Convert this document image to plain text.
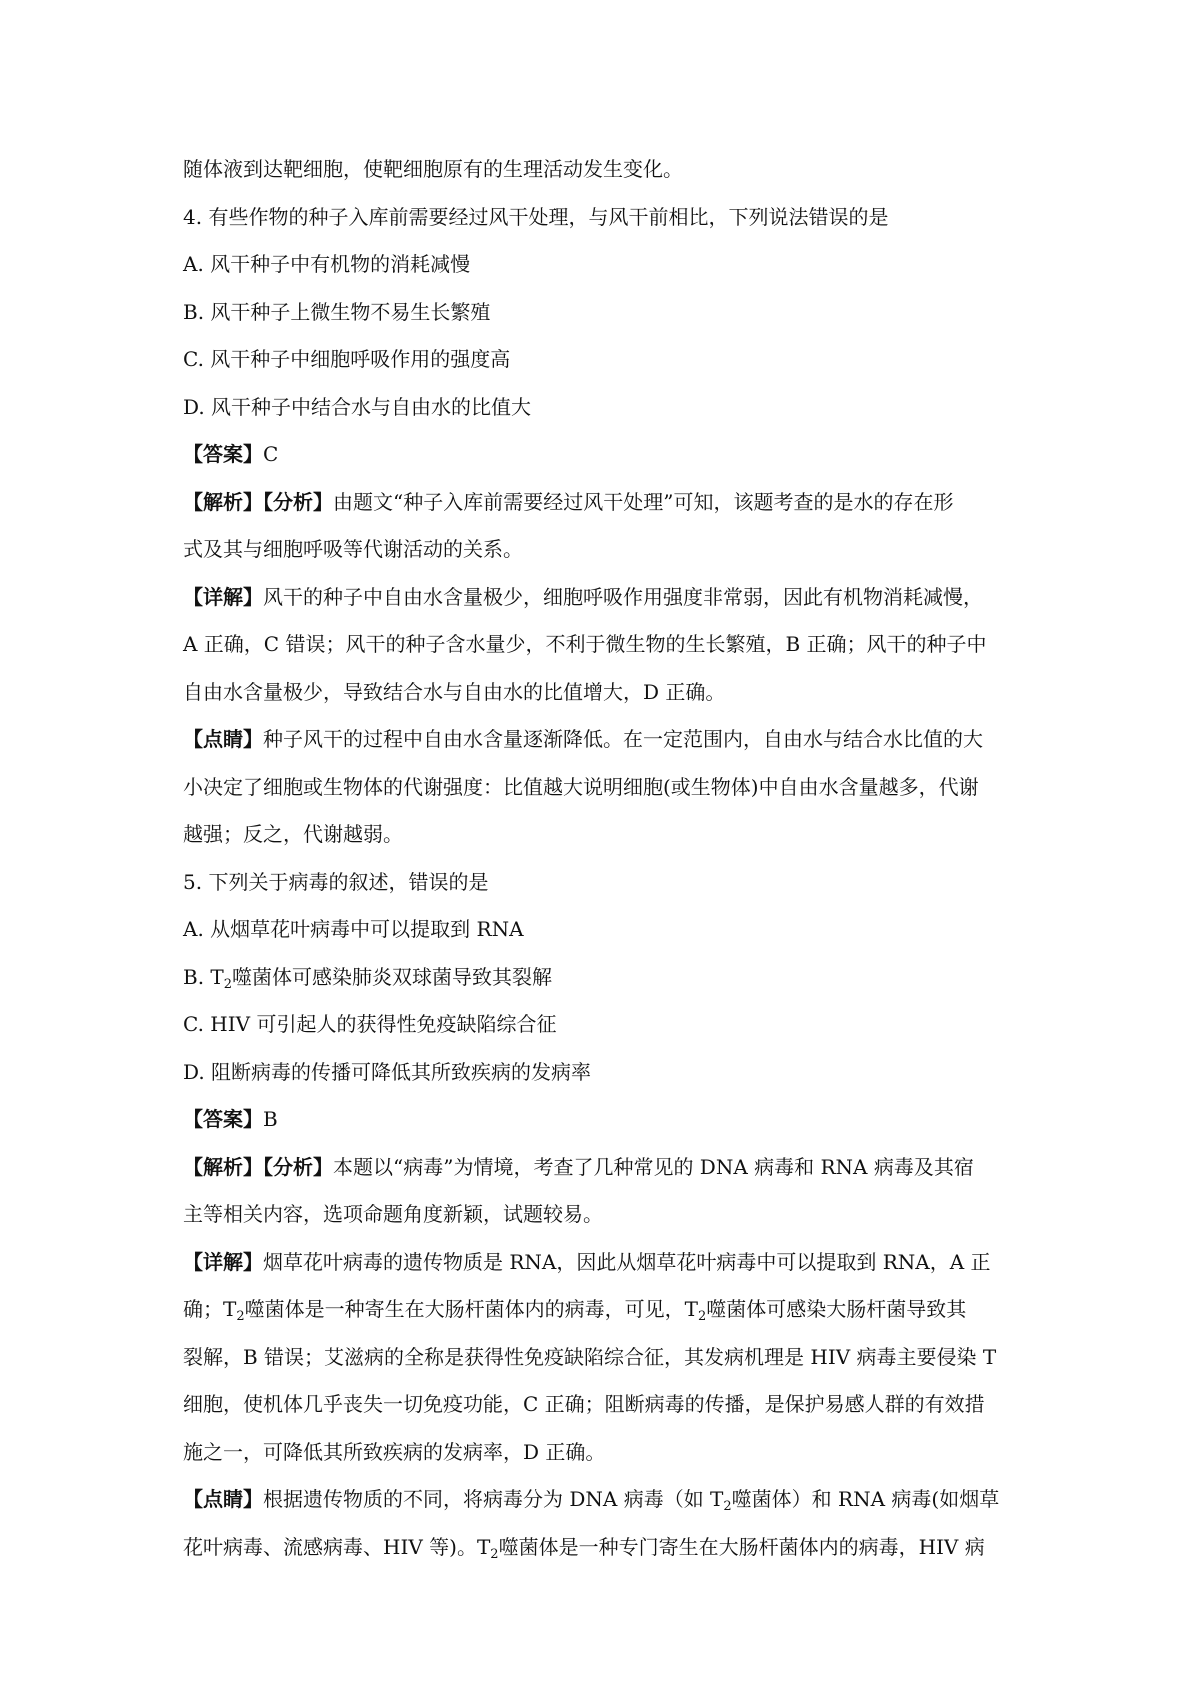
随体液到达靶细胞，使靶细胞原有的生理活动发生变化。
4. 有些作物的种子入库前需要经过风干处理，与风干前相比，下列说法错误的是
A. 风干种子中有机物的消耗减慢
B. 风干种子上微生物不易生长繁殖
C. 风干种子中细胞呼吸作用的强度高
D. 风干种子中结合水与自由水的比值大
【答案】C
【解析】【分析】由题文“种子入库前需要经过风干处理”可知，该题考查的是水的存在形
式及其与细胞呼吸等代谢活动的关系。
【详解】风干的种子中自由水含量极少，细胞呼吸作用强度非常弱，因此有机物消耗减慢，
A 正确，C 错误；风干的种子含水量少，不利于微生物的生长繁殖，B 正确；风干的种子中
自由水含量极少，导致结合水与自由水的比值增大，D 正确。
【点睛】种子风干的过程中自由水含量逐渐降低。在一定范围内，自由水与结合水比值的大
小决定了细胞或生物体的代谢强度：比值越大说明细胞(或生物体)中自由水含量越多，代谢
越强；反之，代谢越弱。
5. 下列关于病毒的叙述，错误的是
A. 从烟草花叶病毒中可以提取到 RNA
B. $T_2$噬菌体可感染肺炎双球菌导致其裂解
C. HIV 可引起人的获得性免疫缺陷综合征
D. 阻断病毒的传播可降低其所致疾病的发病率
【答案】B
【解析】【分析】本题以“病毒”为情境，考查了几种常见的 DNA 病毒和 RNA 病毒及其宿
主等相关内容，选项命题角度新颖，试题较易。
【详解】烟草花叶病毒的遗传物质是 RNA，因此从烟草花叶病毒中可以提取到 RNA，A 正
确；$T_2$噬菌体是一种寄生在大肠杆菌体内的病毒，可见，$T_2$噬菌体可感染大肠杆菌导致其
裂解，B 错误；艾滋病的全称是获得性免疫缺陷综合征，其发病机理是 HIV 病毒主要侵染 T
细胞，使机体几乎丧失一切免疫功能，C 正确；阻断病毒的传播，是保护易感人群的有效措
施之一，可降低其所致疾病的发病率，D 正确。
【点睛】根据遗传物质的不同，将病毒分为 DNA 病毒（如 $T_2$噬菌体）和 RNA 病毒(如烟草
花叶病毒、流感病毒、HIV 等)。$T_2$噬菌体是一种专门寄生在大肠杆菌体内的病毒，HIV 病
